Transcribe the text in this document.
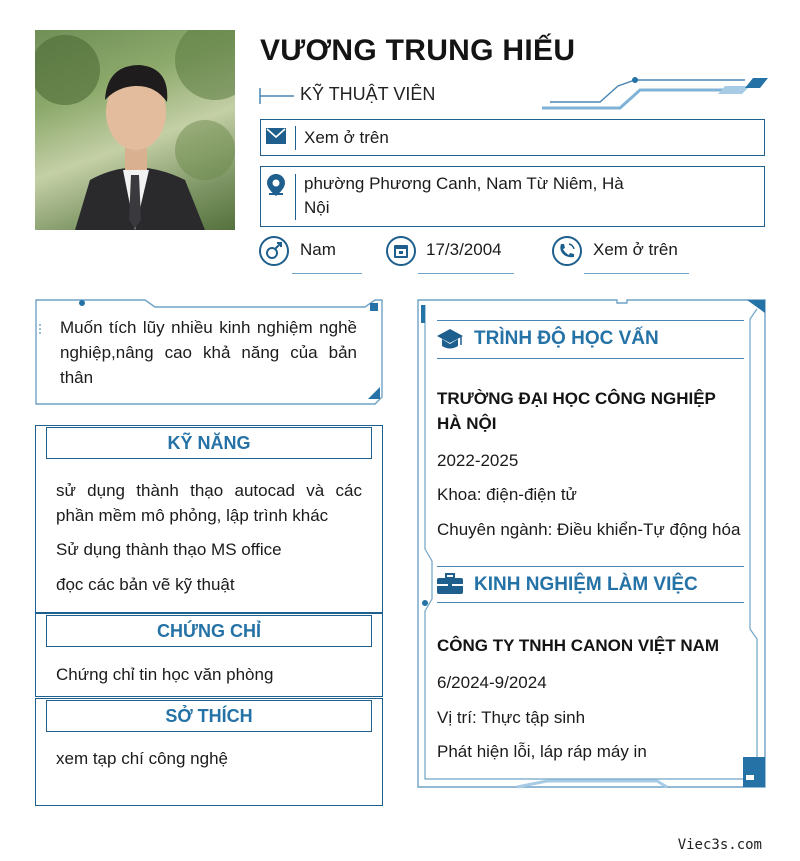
VƯƠNG TRUNG HIẾU
KỸ THUẬT VIÊN
Xem ở trên
phường Phương Canh, Nam Từ Niêm, Hà Nội
Nam	17/3/2004	Xem ở trên
Muốn tích lũy nhiều kinh nghiệm nghề nghiệp,nâng cao khả năng của bản thân
KỸ NĂNG
sử dụng thành thạo autocad và các phần mềm mô phỏng, lập trình khác
Sử dụng thành thạo MS office
đọc các bản vẽ kỹ thuật
CHỨNG CHỈ
Chứng chỉ tin học văn phòng
SỞ THÍCH
xem tạp chí công nghệ
TRÌNH ĐỘ HỌC VẤN
TRƯỜNG ĐẠI HỌC CÔNG NGHIỆP HÀ NỘI
2022-2025
Khoa: điện-điện tử
Chuyên ngành: Điều khiển-Tự động hóa
KINH NGHIỆM LÀM VIỆC
CÔNG TY TNHH CANON VIỆT NAM
6/2024-9/2024
Vị trí: Thực tập sinh
Phát hiện lỗi, láp ráp máy in
Viec3s.com
